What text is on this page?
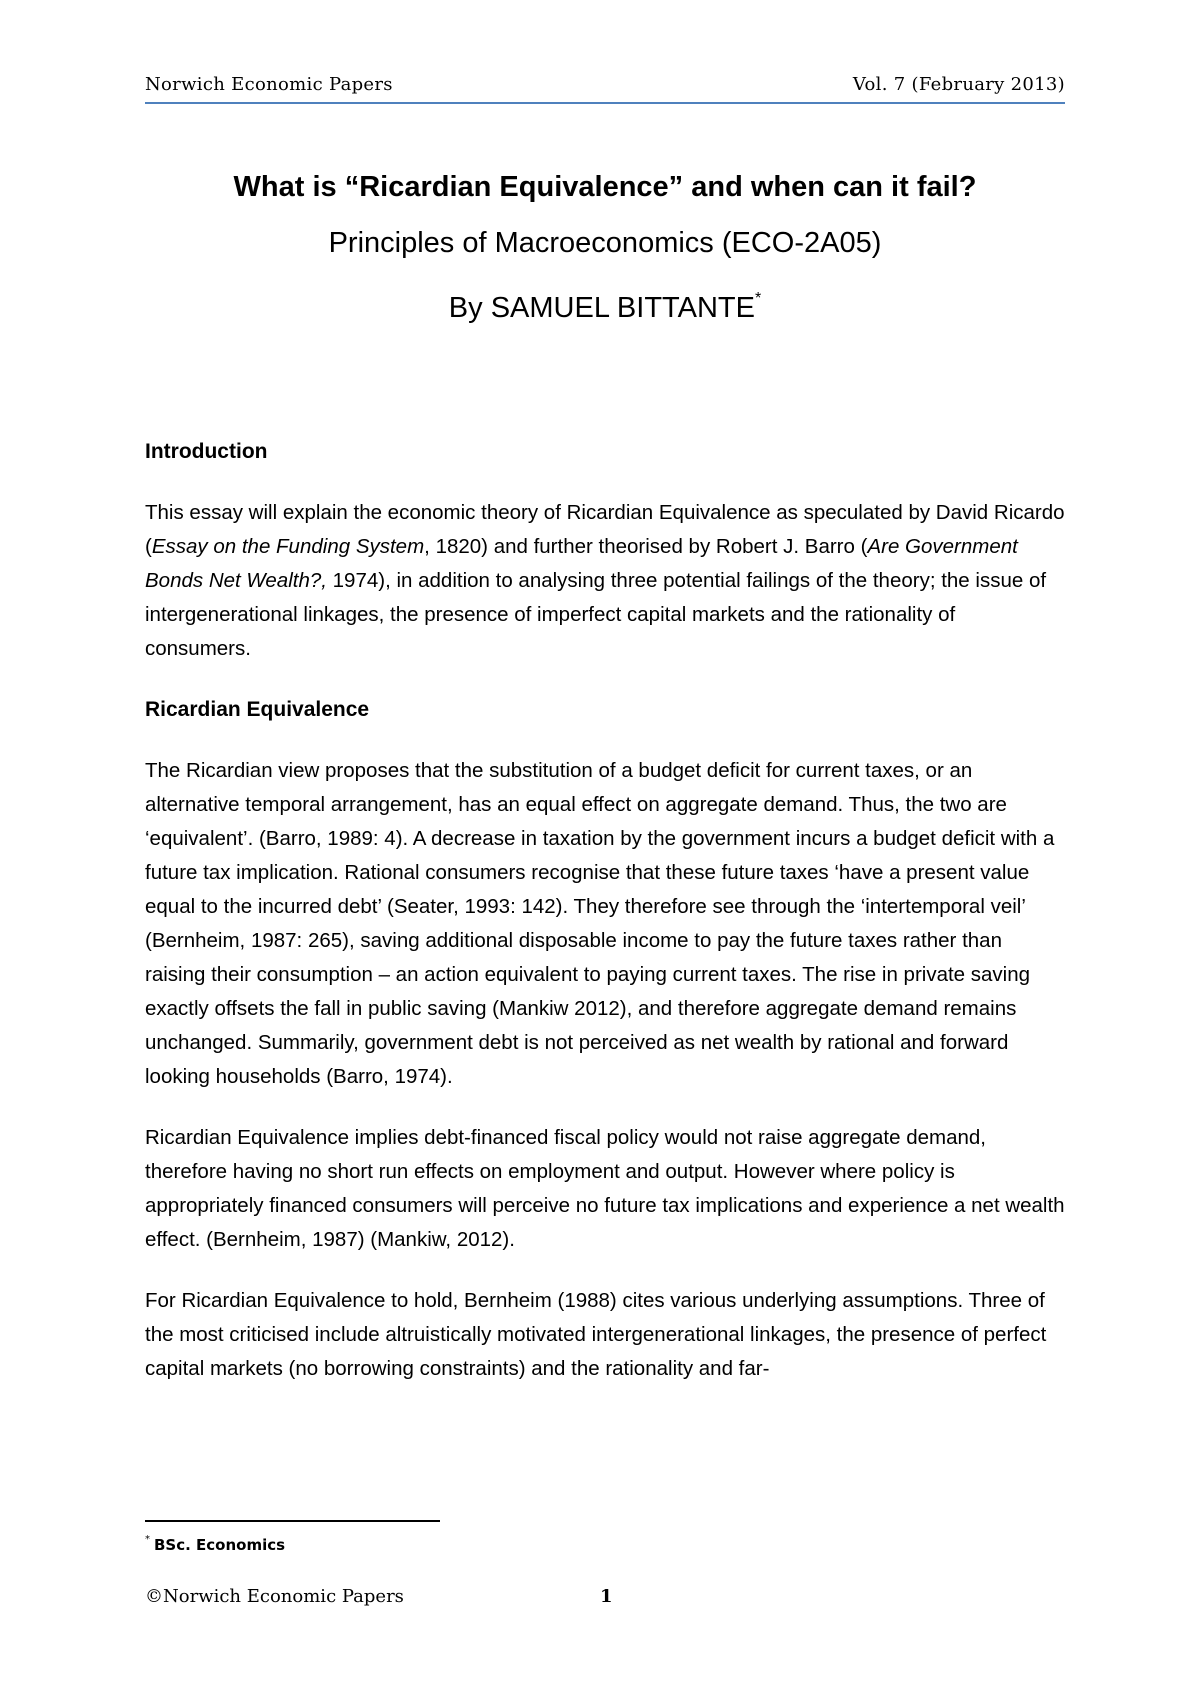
Norwich Economic Papers	Vol. 7 (February 2013)
What is “Ricardian Equivalence” and when can it fail?
Principles of Macroeconomics (ECO-2A05)
By SAMUEL BITTANTE*
Introduction

This essay will explain the economic theory of Ricardian Equivalence as speculated by David Ricardo (Essay on the Funding System, 1820) and further theorised by Robert J. Barro (Are Government Bonds Net Wealth?, 1974), in addition to analysing three potential failings of the theory; the issue of intergenerational linkages, the presence of imperfect capital markets and the rationality of consumers.

Ricardian Equivalence

The Ricardian view proposes that the substitution of a budget deficit for current taxes, or an alternative temporal arrangement, has an equal effect on aggregate demand. Thus, the two are ‘equivalent’. (Barro, 1989: 4). A decrease in taxation by the government incurs a budget deficit with a future tax implication. Rational consumers recognise that these future taxes ‘have a present value equal to the incurred debt’ (Seater, 1993: 142). They therefore see through the ‘intertemporal veil’ (Bernheim, 1987: 265), saving additional disposable income to pay the future taxes rather than raising their consumption – an action equivalent to paying current taxes. The rise in private saving exactly offsets the fall in public saving (Mankiw 2012), and therefore aggregate demand remains unchanged. Summarily, government debt is not perceived as net wealth by rational and forward looking households (Barro, 1974).

Ricardian Equivalence implies debt-financed fiscal policy would not raise aggregate demand, therefore having no short run effects on employment and output. However where policy is appropriately financed consumers will perceive no future tax implications and experience a net wealth effect. (Bernheim, 1987) (Mankiw, 2012).

For Ricardian Equivalence to hold, Bernheim (1988) cites various underlying assumptions. Three of the most criticised include altruistically motivated intergenerational linkages, the presence of perfect capital markets (no borrowing constraints) and the rationality and far-

* BSc. Economics
©Norwich Economic Papers	1
